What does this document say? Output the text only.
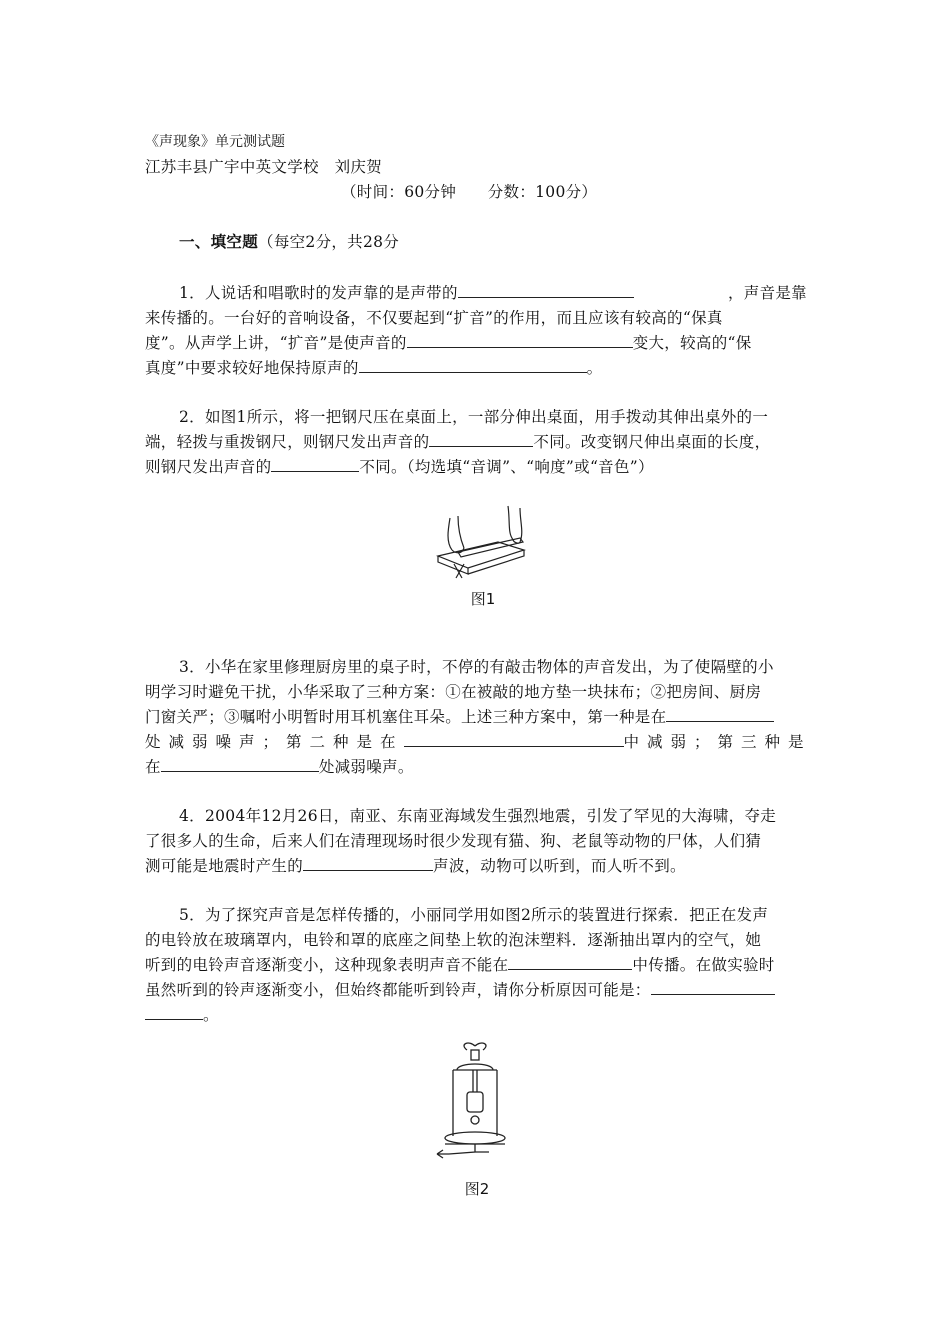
《声现象》单元测试题
江苏丰县广宇中英文学校　刘庆贺
（时间：60分钟　　分数：100分）
一、填空题（每空2分，共28分
1．人说话和唱歌时的发声靠的是声带的	，声音是靠
来传播的。一台好的音响设备，不仅要起到“扩音”的作用，而且应该有较高的“保真
度”。从声学上讲，“扩音”是使声音的	变大，较高的“保
真度”中要求较好地保持原声的	。
2．如图1所示，将一把钢尺压在桌面上，一部分伸出桌面，用手拨动其伸出桌外的一
端，轻拨与重拨钢尺，则钢尺发出声音的	不同。改变钢尺伸出桌面的长度，
则钢尺发出声音的	不同。（均选填“音调”、“响度”或“音色”）
图1
3．小华在家里修理厨房里的桌子时，不停的有敲击物体的声音发出，为了使隔壁的小
明学习时避免干扰，小华采取了三种方案：①在被敲的地方垫一块抹布；②把房间、厨房
门窗关严；③嘱咐小明暂时用耳机塞住耳朵。上述三种方案中，第一种是在
处减弱噪声；第二种是在	中减弱；第三种是
在	处减弱噪声。
4．2004年12月26日，南亚、东南亚海域发生强烈地震，引发了罕见的大海啸，夺走
了很多人的生命，后来人们在清理现场时很少发现有猫、狗、老鼠等动物的尸体，人们猜
测可能是地震时产生的	声波，动物可以听到，而人听不到。
5．为了探究声音是怎样传播的，小丽同学用如图2所示的装置进行探索．把正在发声
的电铃放在玻璃罩内，电铃和罩的底座之间垫上软的泡沫塑料．逐渐抽出罩内的空气，她
听到的电铃声音逐渐变小，这种现象表明声音不能在	中传播。在做实验时
虽然听到的铃声逐渐变小，但始终都能听到铃声，请你分析原因可能是：
。
图2
